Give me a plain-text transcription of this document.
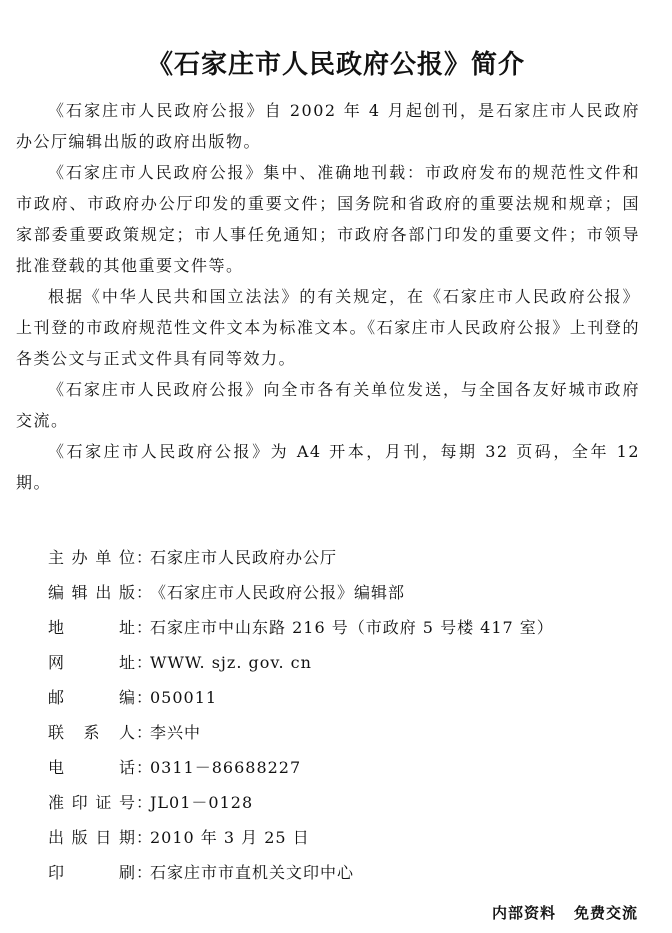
《石家庄市人民政府公报》简介

《石家庄市人民政府公报》自 2002 年 4 月起创刊，是石家庄市人民政府办公厅编辑出版的政府出版物。

《石家庄市人民政府公报》集中、准确地刊载：市政府发布的规范性文件和市政府、市政府办公厅印发的重要文件；国务院和省政府的重要法规和规章；国家部委重要政策规定；市人事任免通知；市政府各部门印发的重要文件；市领导批准登载的其他重要文件等。

根据《中华人民共和国立法法》的有关规定，在《石家庄市人民政府公报》上刊登的市政府规范性文件文本为标准文本。《石家庄市人民政府公报》上刊登的各类公文与正式文件具有同等效力。

《石家庄市人民政府公报》向全市各有关单位发送，与全国各友好城市政府交流。

《石家庄市人民政府公报》为 A4 开本，月刊，每期 32 页码，全年 12 期。

主 办 单 位 ：
石家庄市人民政府办公厅
编 辑 出 版 ：
《石家庄市人民政府公报》编辑部
地	址 ：
石家庄市中山东路 216 号（市政府 5 号楼 417 室）
网	址 ：
WWW. sjz. gov. cn
邮	编 ：
050011
联 系 人 ：
李兴中
电	话 ：
0311－86688227
准 印 证 号 ：
JL01－0128
出 版 日 期 ：
2010 年 3 月 25 日
印	刷 ：
石家庄市市直机关文印中心
内部资料 免费交流
